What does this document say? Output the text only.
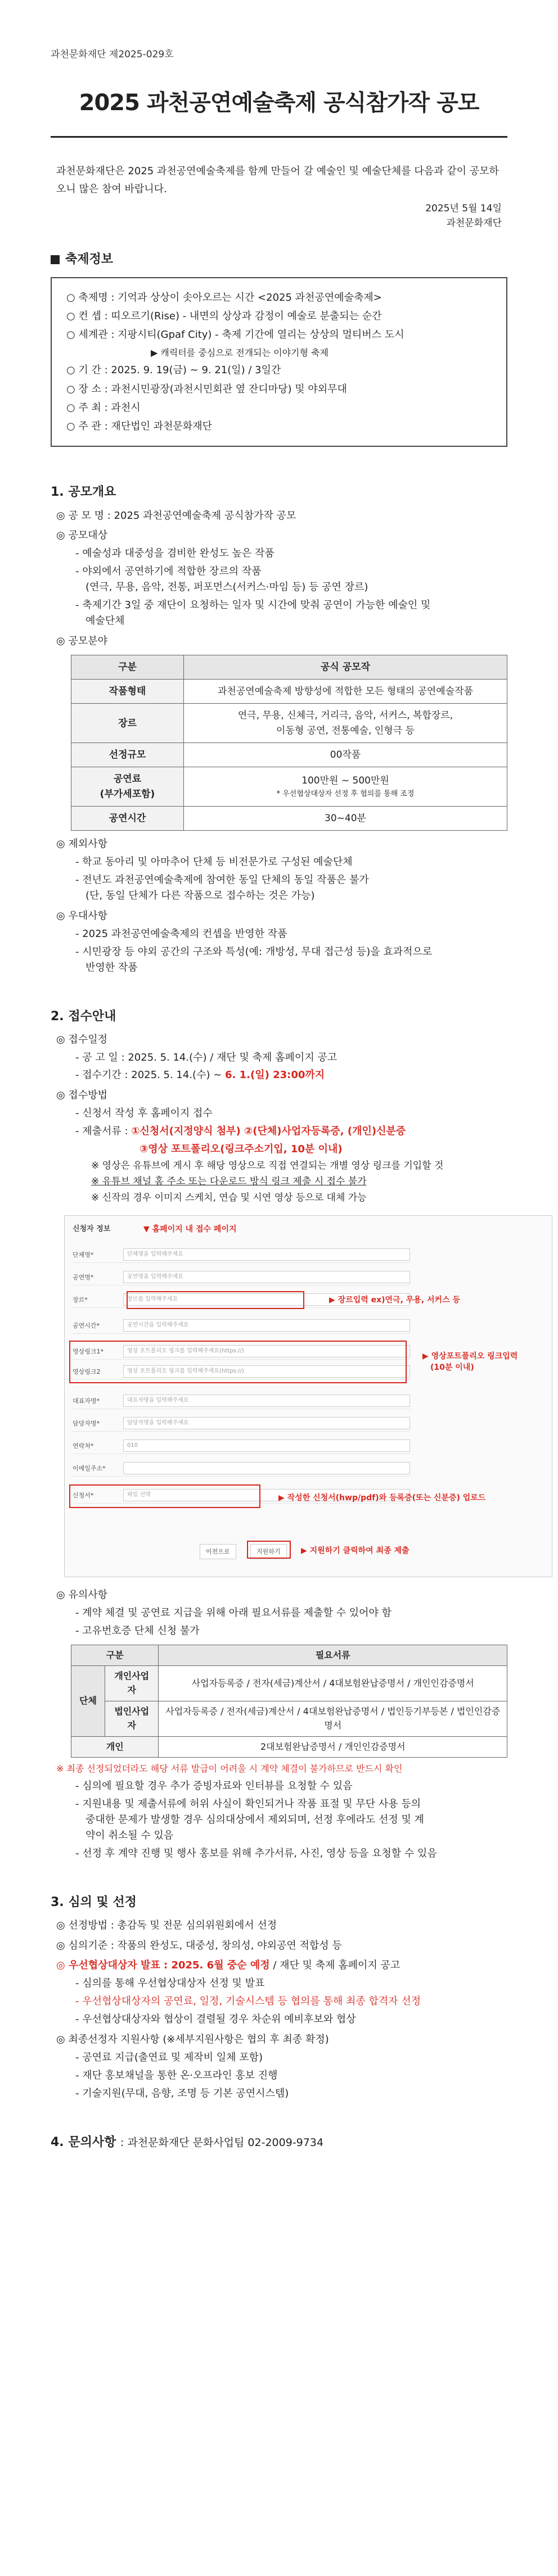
과천문화재단 제2025-029호
2025 과천공연예술축제 공식참가작 공모

과천문화재단은 2025 과천공연예술축제를 함께 만들어 갈 예술인 및 예술단체를 다음과 같이 공모하오니 많은 참여 바랍니다.

2025년 5월 14일

과천문화재단

축제정보
○ 축제명 : 기억과 상상이 솟아오르는 시간 <2025 과천공연예술축제>
○ 컨 셉 : 띠오르기(Rise) - 내면의 상상과 감정이 예술로 분출되는 순간
○ 세계관 : 지팡시티(Gpaf City) - 축제 기간에 열리는 상상의 멀티버스 도시
▶ 캐릭터를 중심으로 전개되는 이야기형 축제
○ 기 간 : 2025. 9. 19(금) ~ 9. 21(일) / 3일간
○ 장 소 : 과천시민광장(과천시민회관 옆 잔디마당) 및 야외무대
○ 주 최 : 과천시
○ 주 관 : 재단법인 과천문화재단
1. 공모개요
◎ 공 모 명 : 2025 과천공연예술축제 공식참가작 공모
◎ 공모대상
- 예술성과 대중성을 겸비한 완성도 높은 작품
- 야외에서 공연하기에 적합한 장르의 작품
(연극, 무용, 음악, 전통, 퍼포먼스(서커스·마임 등) 등 공연 장르)
- 축제기간 3일 중 재단이 요청하는 일자 및 시간에 맞춰 공연이 가능한 예술인 및
예술단체
◎ 공모분야
구분	공식 공모작
작품형태	과천공연예술축제 방향성에 적합한 모든 형태의 공연예술작품
장르	연극, 무용, 신체극, 거리극, 음악, 서커스, 복합장르,
이동형 공연, 전통예술, 인형극 등
선정규모	00작품
공연료
(부가세포함)	100만원 ~ 500만원
* 우선협상대상자 선정 후 협의를 통해 조정

공연시간	30~40분
◎ 제외사항
- 학교 동아리 및 아마추어 단체 등 비전문가로 구성된 예술단체
- 전년도 과천공연예술축제에 참여한 동일 단체의 동일 작품은 불가
(단, 동일 단체가 다른 작품으로 접수하는 것은 가능)
◎ 우대사항
- 2025 과천공연예술축제의 컨셉을 반영한 작품
- 시민광장 등 야외 공간의 구조와 특성(예: 개방성, 무대 접근성 등)을 효과적으로
반영한 작품
2. 접수안내
◎ 접수일정
- 공 고 일 : 2025. 5. 14.(수) / 재단 및 축제 홈페이지 공고
- 접수기간 : 2025. 5. 14.(수) ~ 6. 1.(일) 23:00까지
◎ 접수방법
- 신청서 작성 후 홈페이지 접수
- 제출서류 : ①신청서(지정양식 첨부) ②(단체)사업자등록증, (개인)신분증
③영상 포트폴리오(링크주소기입, 10분 이내)
※ 영상은 유튜브에 게시 후 해당 영상으로 직접 연결되는 개별 영상 링크를 기입할 것
※ 유튜브 채널 홈 주소 또는 다운로드 방식 링크 제출 시 접수 불가
※ 신작의 경우 이미지 스케치, 연습 및 시연 영상 등으로 대체 가능
신청자 정보	▼ 홈페이지 내 접수 페이지
단체명*	단체명을 입력해주세요
공연명*	공연명을 입력해주세요
장르*	장르를 입력해주세요	▶ 장르입력 ex)연극, 무용, 서커스 등
공연시간*	공연시간을 입력해주세요
영상링크1*	영상 포트폴리오 링크를 입력해주세요(https://)
영상링크2	영상 포트폴리오 링크를 입력해주세요(https://)
▶ 영상포트폴리오 링크입력
(10분 이내)
대표자명*	대표자명을 입력해주세요
담당자명*	담당자명을 입력해주세요
연락처*	010
이메일주소*
신청서*	파일 선택	▶ 작성한 신청서(hwp/pdf)와 등록증(또는 신분증) 업로드
이전으로	지원하기	▶ 지원하기 클릭하여 최종 제출
◎ 유의사항
- 계약 체결 및 공연료 지급을 위해 아래 필요서류를 제출할 수 있어야 함
- 고유번호증 단체 신청 불가
구분		필요서류
단체	개인사업자	사업자등록증 / 전자(세금)계산서 / 4대보험완납증명서 / 개인인감증명서
	법인사업자	사업자등록증 / 전자(세금)계산서 / 4대보험완납증명서 / 법인등기부등본 / 법인인감증명서
개인		2대보험완납증명서 / 개인인감증명서
※ 최종 선정되었더라도 해당 서류 발급이 어려울 시 계약 체결이 불가하므로 반드시 확인
- 심의에 필요할 경우 추가 증빙자료와 인터뷰를 요청할 수 있음
- 지원내용 및 제출서류에 허위 사실이 확인되거나 작품 표절 및 무단 사용 등의
중대한 문제가 발생할 경우 심의대상에서 제외되며, 선정 후에라도 선정 및 계
약이 취소될 수 있음
- 선정 후 계약 진행 및 행사 홍보를 위해 추가서류, 사진, 영상 등을 요청할 수 있음
3. 심의 및 선정
◎ 선정방법 : 총감독 및 전문 심의위원회에서 선정
◎ 심의기준 : 작품의 완성도, 대중성, 창의성, 야외공연 적합성 등
◎ 우선협상대상자 발표 : 2025. 6월 중순 예정 / 재단 및 축제 홈페이지 공고
- 심의를 통해 우선협상대상자 선정 및 발표
- 우선협상대상자의 공연료, 일정, 기술시스템 등 협의를 통해 최종 합격자 선정
- 우선협상대상자와 협상이 결렬될 경우 차순위 예비후보와 협상
◎ 최종선정자 지원사항 (※세부지원사항은 협의 후 최종 확정)
- 공연료 지급(출연료 및 제작비 일체 포함)
- 재단 홍보채널을 통한 온·오프라인 홍보 진행
- 기술지원(무대, 음향, 조명 등 기본 공연시스템)
4. 문의사항 : 과천문화재단 문화사업팀 02-2009-9734
